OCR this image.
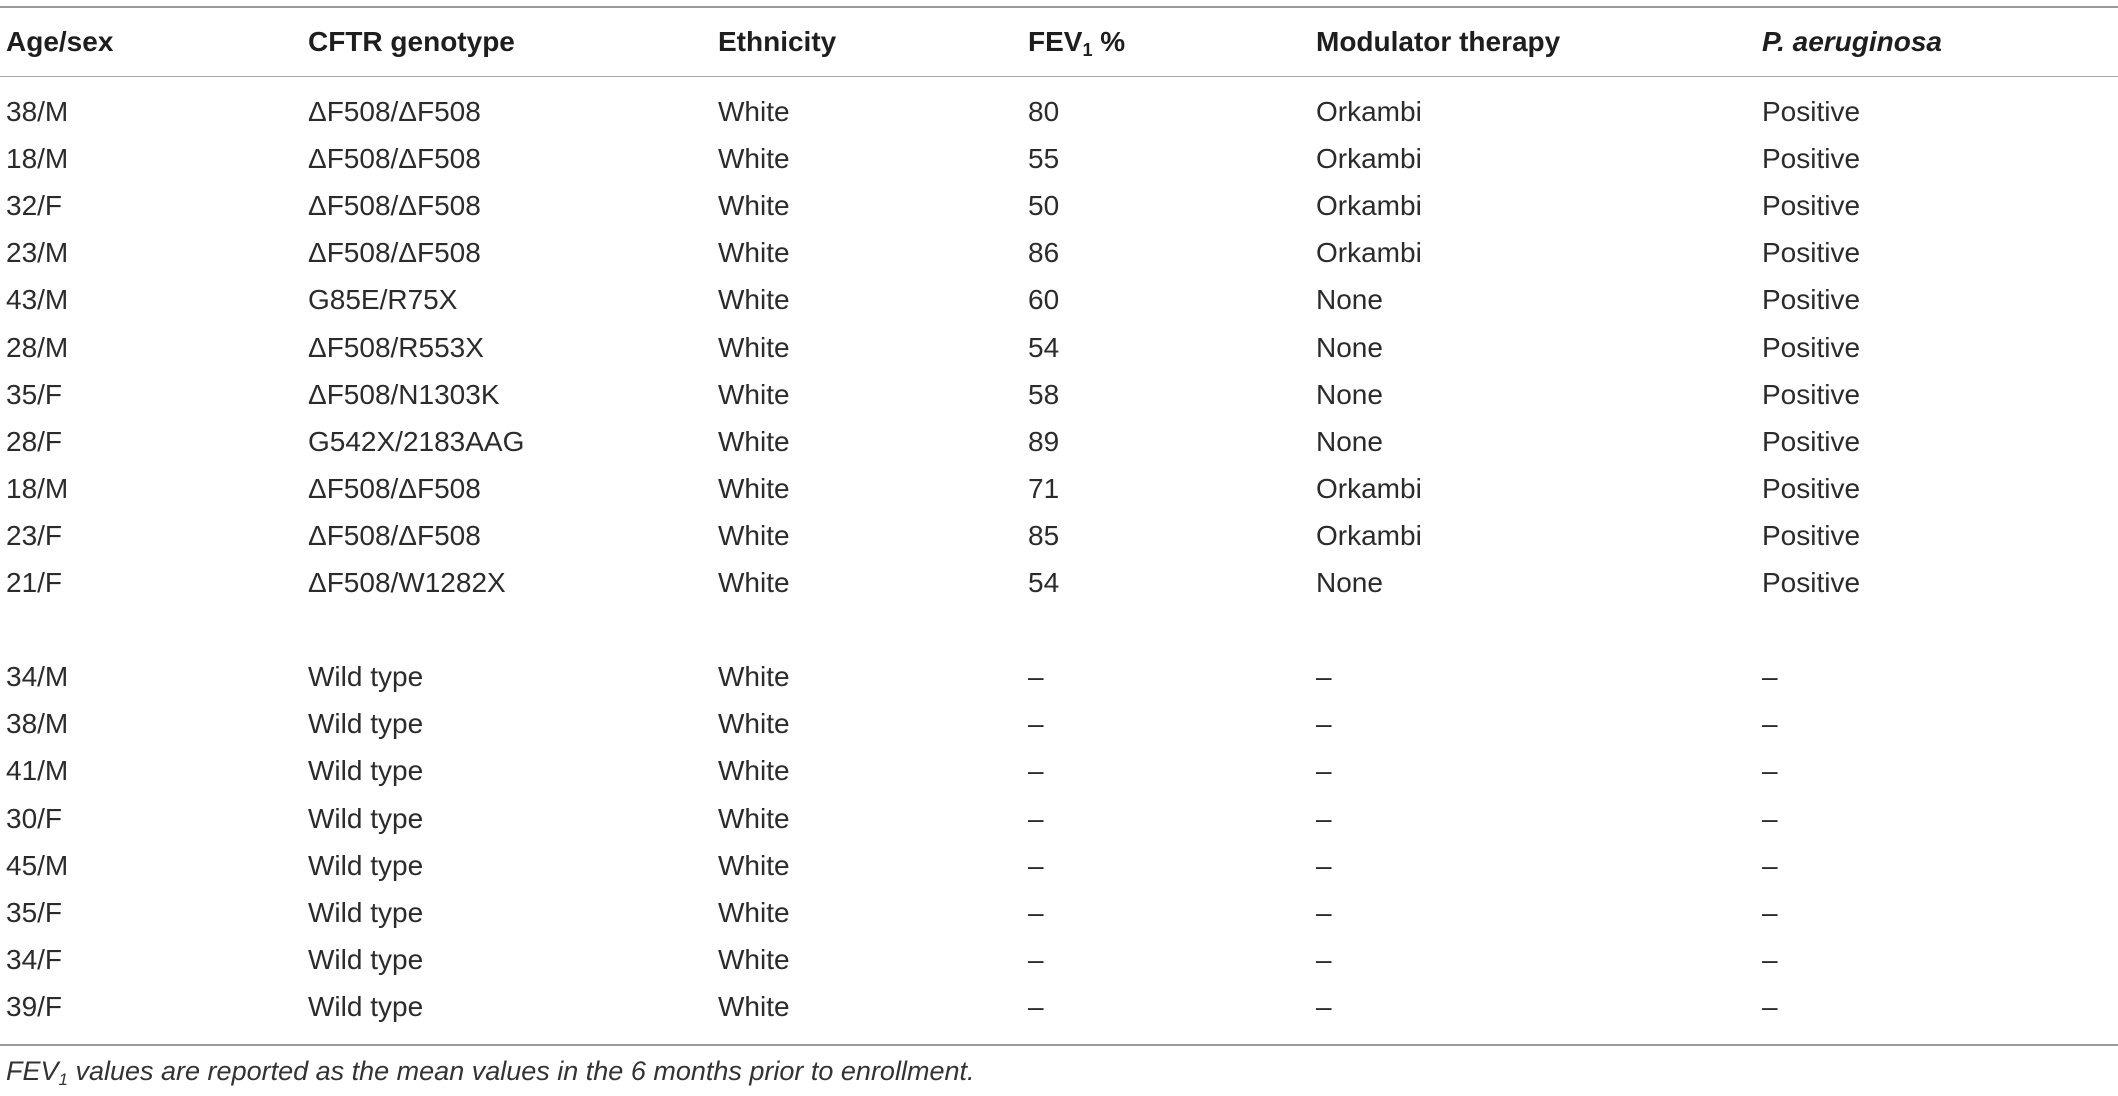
Age/sex	CFTR genotype	Ethnicity	$FEV_1$ %	Modulator therapy	P. aeruginosa
38/M	ΔF508/ΔF508	White	80	Orkambi	Positive
18/M	ΔF508/ΔF508	White	55	Orkambi	Positive
32/F	ΔF508/ΔF508	White	50	Orkambi	Positive
23/M	ΔF508/ΔF508	White	86	Orkambi	Positive
43/M	G85E/R75X	White	60	None	Positive
28/M	ΔF508/R553X	White	54	None	Positive
35/F	ΔF508/N1303K	White	58	None	Positive
28/F	G542X/2183AAG	White	89	None	Positive
18/M	ΔF508/ΔF508	White	71	Orkambi	Positive
23/F	ΔF508/ΔF508	White	85	Orkambi	Positive
21/F	ΔF508/W1282X	White	54	None	Positive
34/M	Wild type	White	–	–	–
38/M	Wild type	White	–	–	–
41/M	Wild type	White	–	–	–
30/F	Wild type	White	–	–	–
45/M	Wild type	White	–	–	–
35/F	Wild type	White	–	–	–
34/F	Wild type	White	–	–	–
39/F	Wild type	White	–	–	–
$FEV_1$ values are reported as the mean values in the 6 months prior to enrollment.
